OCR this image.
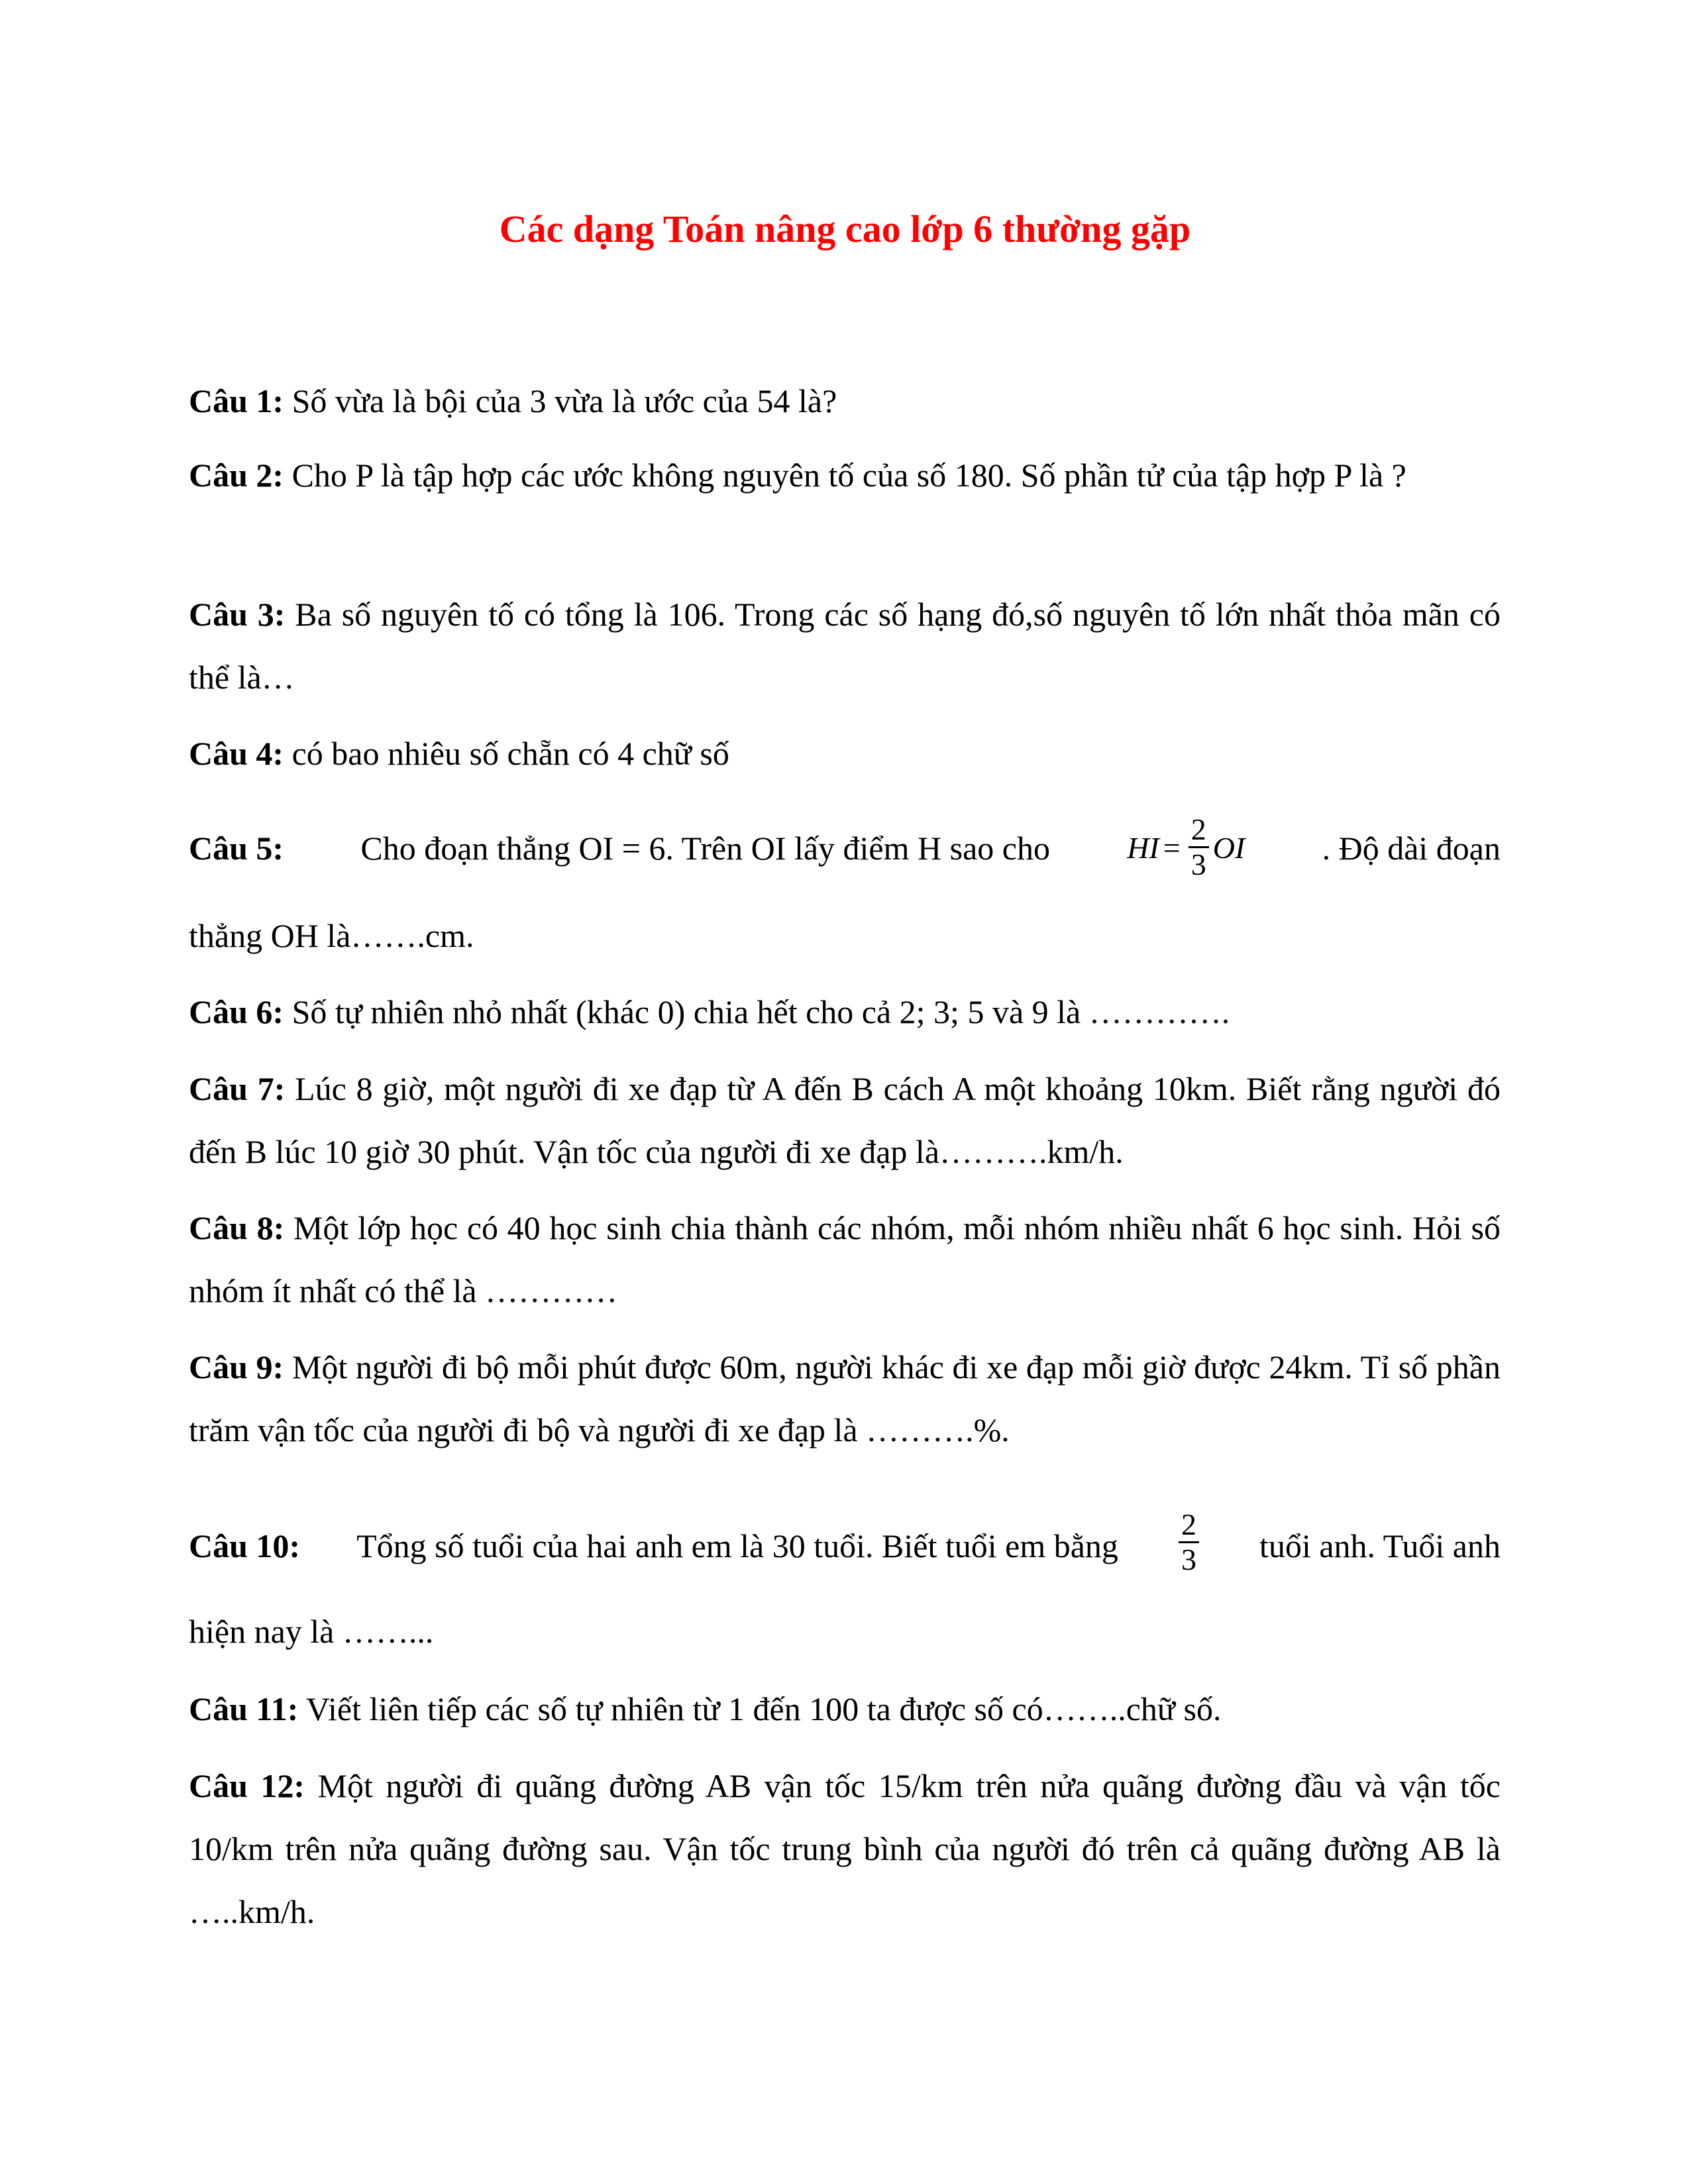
Các dạng Toán nâng cao lớp 6 thường gặp
Câu 1: Số vừa là bội của 3 vừa là ước của 54 là?
Câu 2: Cho P là tập hợp các ước không nguyên tố của số 180. Số phần tử của tập hợp P là ?
Câu 3: Ba số nguyên tố có tổng là 106. Trong các số hạng đó,số nguyên tố lớn nhất thỏa mãn có thể là…
Câu 4: có bao nhiêu số chẵn có 4 chữ số
Câu 5: Cho đoạn thẳng OI = 6. Trên OI lấy điểm H sao cho	HI = $\frac{2}{3}$ OI . Độ dài đoạn
thẳng OH là…….cm.
Câu 6: Số tự nhiên nhỏ nhất (khác 0) chia hết cho cả 2; 3; 5 và 9 là ………….
Câu 7: Lúc 8 giờ, một người đi xe đạp từ A đến B cách A một khoảng 10km. Biết rằng người đó đến B lúc 10 giờ 30 phút. Vận tốc của người đi xe đạp là……….km/h.
Câu 8: Một lớp học có 40 học sinh chia thành các nhóm, mỗi nhóm nhiều nhất 6 học sinh. Hỏi số nhóm ít nhất có thể là …………
Câu 9: Một người đi bộ mỗi phút được 60m, người khác đi xe đạp mỗi giờ được 24km. Tỉ số phần trăm vận tốc của người đi bộ và người đi xe đạp là ……….%.
Câu 10: Tổng số tuổi của hai anh em là 30 tuổi. Biết tuổi em bằng $\frac{2}{3}$ tuổi anh. Tuổi anh
hiện nay là ……...
Câu 11: Viết liên tiếp các số tự nhiên từ 1 đến 100 ta được số có……..chữ số.
Câu 12: Một người đi quãng đường AB vận tốc 15/km trên nửa quãng đường đầu và vận tốc 10/km trên nửa quãng đường sau. Vận tốc trung bình của người đó trên cả quãng đường AB là …..km/h.
